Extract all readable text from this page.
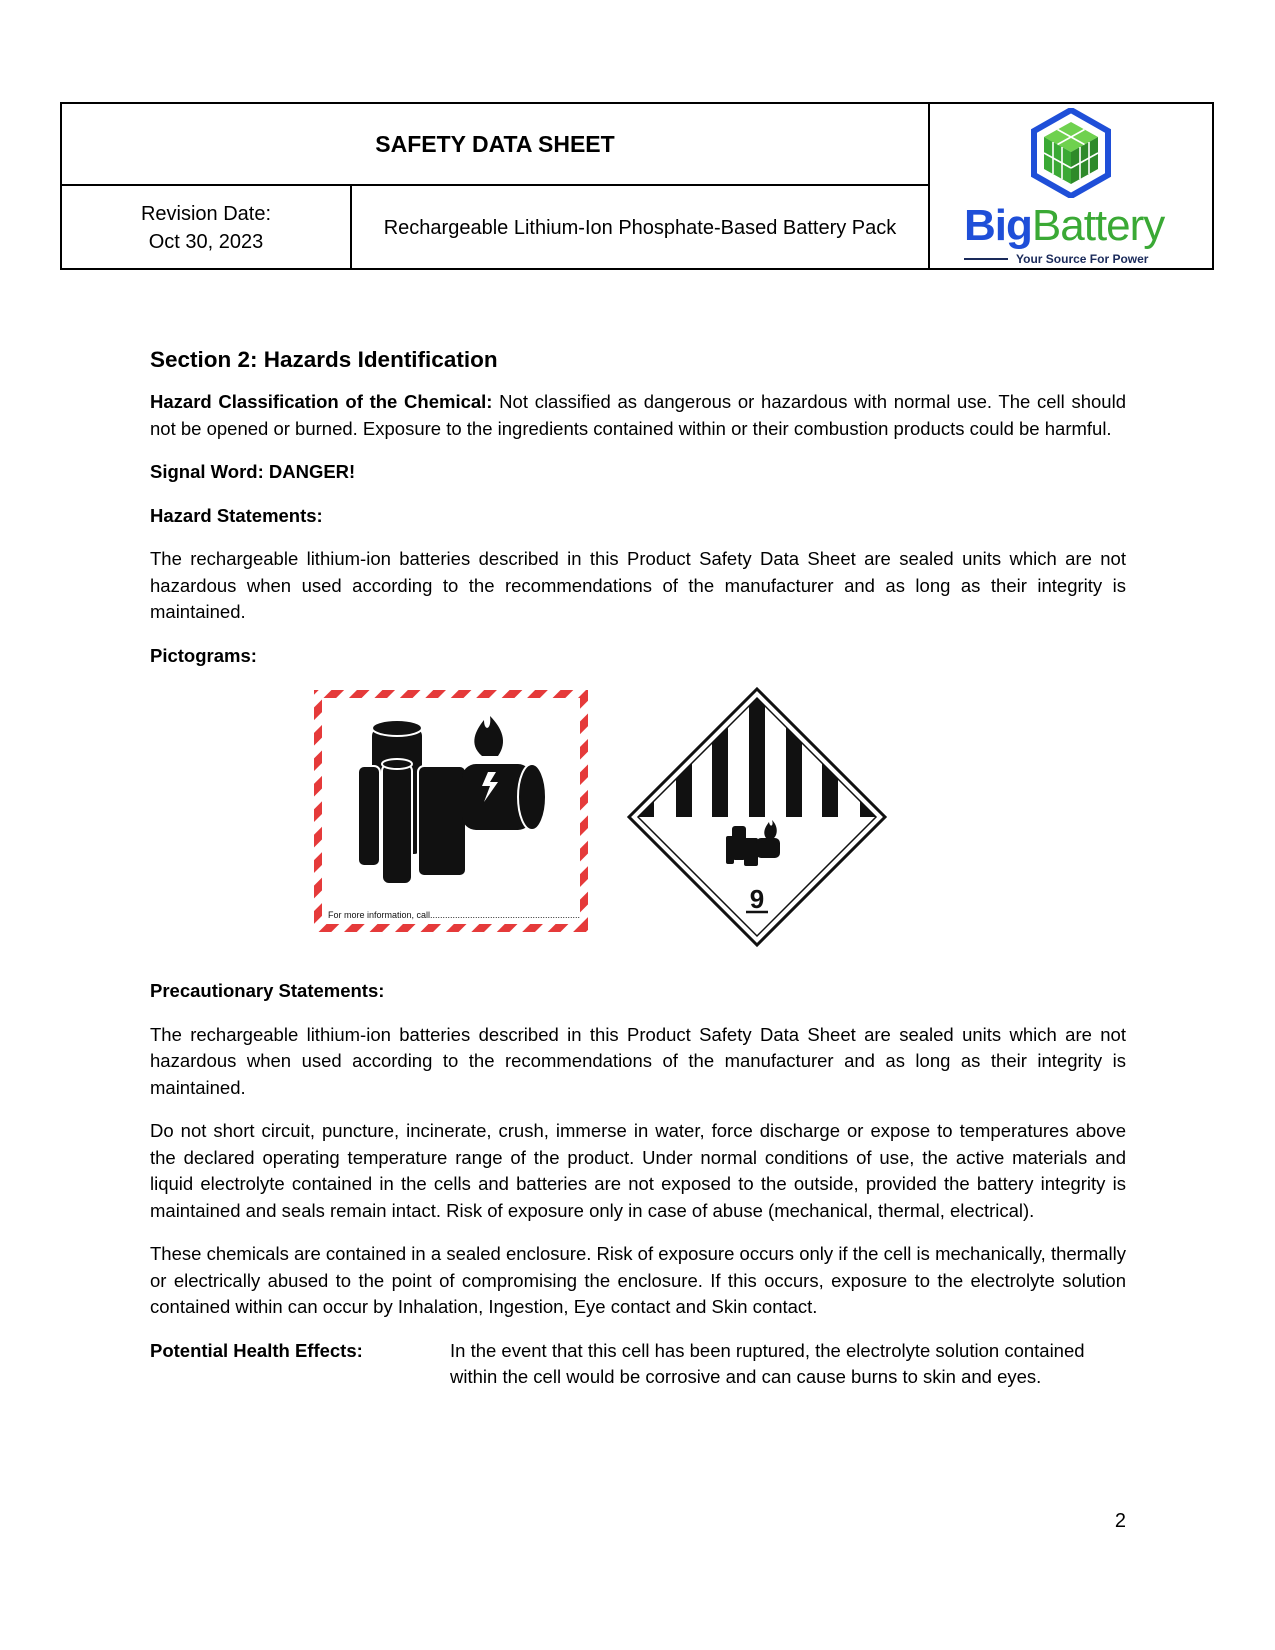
SAFETY DATA SHEET
Revision Date:
Oct 30, 2023
Rechargeable Lithium-Ion Phosphate-Based Battery Pack	BigBattery
Your Source For Power
Section 2: Hazards Identification

Hazard Classification of the Chemical: Not classified as dangerous or hazardous with normal use. The cell should not be opened or burned. Exposure to the ingredients contained within or their combustion products could be harmful.

Signal Word: DANGER!

Hazard Statements:

The rechargeable lithium-ion batteries described in this Product Safety Data Sheet are sealed units which are not hazardous when used according to the recommendations of the manufacturer and as long as their integrity is maintained.

Pictograms:

For more information, call............................................................
9

Precautionary Statements:

The rechargeable lithium-ion batteries described in this Product Safety Data Sheet are sealed units which are not hazardous when used according to the recommendations of the manufacturer and as long as their integrity is maintained.

Do not short circuit, puncture, incinerate, crush, immerse in water, force discharge or expose to temperatures above the declared operating temperature range of the product. Under normal conditions of use, the active materials and liquid electrolyte contained in the cells and batteries are not exposed to the outside, provided the battery integrity is maintained and seals remain intact. Risk of exposure only in case of abuse (mechanical, thermal, electrical).

These chemicals are contained in a sealed enclosure. Risk of exposure occurs only if the cell is mechanically, thermally or electrically abused to the point of compromising the enclosure. If this occurs, exposure to the electrolyte solution contained within can occur by Inhalation, Ingestion, Eye contact and Skin contact.

Potential Health Effects:	In the event that this cell has been ruptured, the electrolyte solution contained within the cell would be corrosive and can cause burns to skin and eyes.
2
